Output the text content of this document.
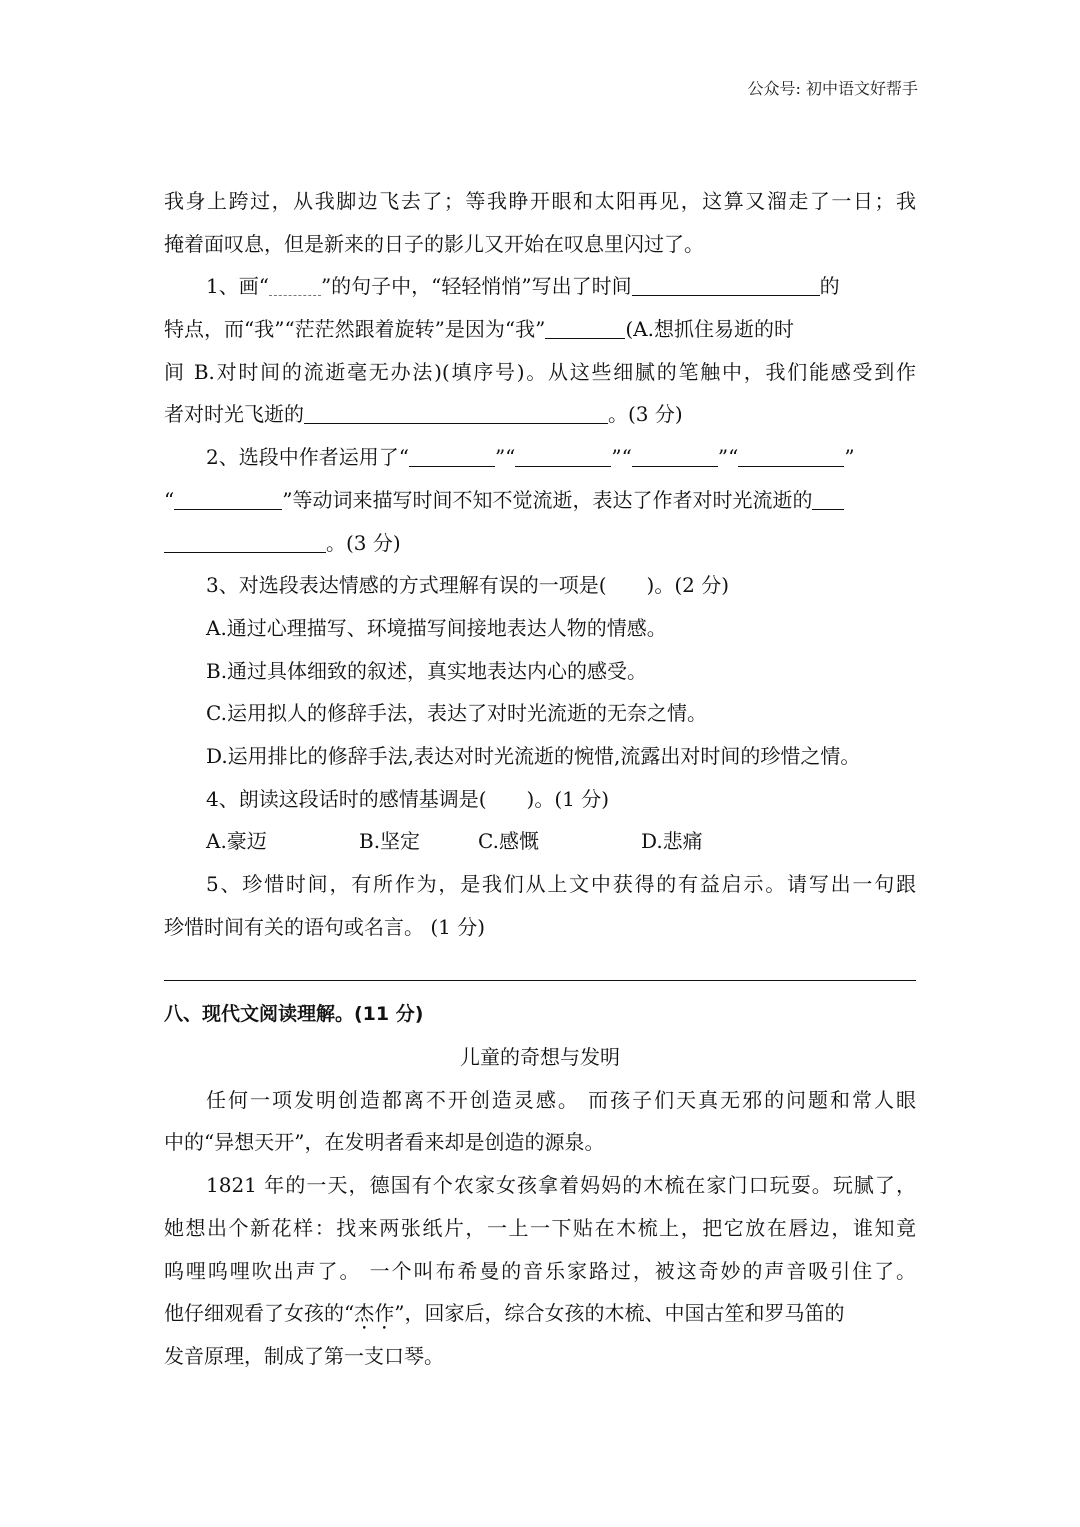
公众号: 初中语文好帮手
我身上跨过，从我脚边飞去了；等我睁开眼和太阳再见，这算又溜走了一日；我
掩着面叹息，但是新来的日子的影儿又开始在叹息里闪过了。
1、画“	”的句子中，“轻轻悄悄”写出了时间	的
特点，而“我”“茫茫然跟着旋转”是因为“我”	(A.想抓住易逝的时
间 B.对时间的流逝毫无办法)(填序号)。从这些细腻的笔触中，我们能感受到作
者对时光飞逝的	。(3 分)
2、选段中作者运用了“	”“	”“	”“	”
“	”等动词来描写时间不知不觉流逝，表达了作者对时光流逝的
。(3 分)
3、对选段表达情感的方式理解有误的一项是(　　)。(2 分)
A.通过心理描写、环境描写间接地表达人物的情感。
B.通过具体细致的叙述，真实地表达内心的感受。
C.运用拟人的修辞手法，表达了对时光流逝的无奈之情。
D.运用排比的修辞手法,表达对时光流逝的惋惜,流露出对时间的珍惜之情。
4、朗读这段话时的感情基调是(　　)。(1 分)
A.豪迈	B.坚定	C.感慨	D.悲痛
5、珍惜时间，有所作为，是我们从上文中获得的有益启示。请写出一句跟
珍惜时间有关的语句或名言。 (1 分)
八、现代文阅读理解。(11 分)
儿童的奇想与发明
任何一项发明创造都离不开创造灵感。 而孩子们天真无邪的问题和常人眼
中的“异想天开”，在发明者看来却是创造的源泉。
1821 年的一天，德国有个农家女孩拿着妈妈的木梳在家门口玩耍。玩腻了，
她想出个新花样：找来两张纸片，一上一下贴在木梳上，把它放在唇边，谁知竟
呜哩呜哩吹出声了。 一个叫布希曼的音乐家路过，被这奇妙的声音吸引住了。
他仔细观看了女孩的“杰作”，回家后，综合女孩的木梳、中国古笙和罗马笛的
发音原理，制成了第一支口琴。
